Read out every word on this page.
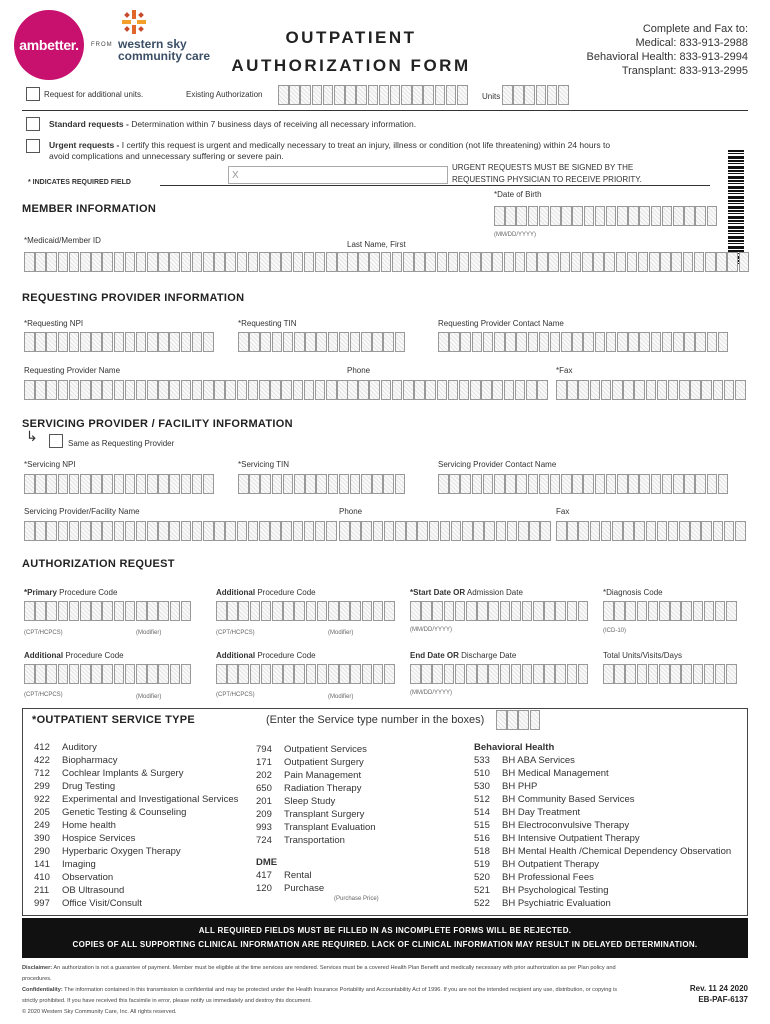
ambetter. FROM western sky
community care
OUTPATIENT
AUTHORIZATION FORM
Complete and Fax to:
Medical: 833-913-2988
Behavioral Health: 833-913-2994
Transplant: 833-913-2995
Request for additional units.	Existing Authorization	Units
Standard requests - Determination within 7 business days of receiving all necessary information.
Urgent requests - I certify this request is urgent and medically necessary to treat an injury, illness or condition (not life threatening) within 24 hours to
avoid complications and unnecessary suffering or severe pain.
X
URGENT REQUESTS MUST BE SIGNED BY THE
REQUESTING PHYSICIAN TO RECEIVE PRIORITY.
* INDICATES REQUIRED FIELD
MEMBER INFORMATION
*Date of Birth
(MM/DD/YYYY)
*Medicaid/Member ID	Last Name, First
REQUESTING PROVIDER INFORMATION
*Requesting NPI	*Requesting TIN	Requesting Provider Contact Name
Requesting Provider Name	Phone	*Fax
SERVICING PROVIDER / FACILITY INFORMATION
↳	Same as Requesting Provider
*Servicing NPI	*Servicing TIN	Servicing Provider Contact Name
Servicing Provider/Facility Name	Phone	Fax
AUTHORIZATION REQUEST
*Primary Procedure Code	Additional Procedure Code	*Start Date OR Admission Date	*Diagnosis Code
(CPT/HCPCS)	(Modifier)	(CPT/HCPCS)	(Modifier)	(MM/DD/YYYY)	(ICD-10)
Additional Procedure Code	Additional Procedure Code	End Date OR Discharge Date	Total Units/Visits/Days
(CPT/HCPCS)	(Modifier)	(CPT/HCPCS)	(Modifier)
(MM/DD/YYYY)
*OUTPATIENT SERVICE TYPE	(Enter the Service type number in the boxes)
412 Auditory
422 Biopharmacy
712 Cochlear Implants & Surgery
299 Drug Testing
922 Experimental and Investigational Services
205 Genetic Testing & Counseling
249 Home health
390 Hospice Services
290 Hyperbaric Oxygen Therapy
141 Imaging
410 Observation
211 OB Ultrasound
997 Office Visit/Consult
794 Outpatient Services
171 Outpatient Surgery
202 Pain Management
650 Radiation Therapy
201 Sleep Study
209 Transplant Surgery
993 Transplant Evaluation
724 Transportation
DME
417 Rental
120 Purchase
(Purchase Price)
Behavioral Health
533 BH ABA Services
510 BH Medical Management
530 BH PHP
512 BH Community Based Services
514 BH Day Treatment
515 BH Electroconvulsive Therapy
516 BH Intensive Outpatient Therapy
518 BH Mental Health /Chemical Dependency Observation
519 BH Outpatient Therapy
520 BH Professional Fees
521 BH Psychological Testing
522 BH Psychiatric Evaluation
ALL REQUIRED FIELDS MUST BE FILLED IN AS INCOMPLETE FORMS WILL BE REJECTED.
COPIES OF ALL SUPPORTING CLINICAL INFORMATION ARE REQUIRED. LACK OF CLINICAL INFORMATION MAY RESULT IN DELAYED DETERMINATION.
Disclaimer: An authorization is not a guarantee of payment. Member must be eligible at the time services are rendered. Services must be a covered Health Plan Benefit and medically necessary with prior authorization as per Plan policy and procedures.
Confidentiality: The information contained in this transmission is confidential and may be protected under the Health Insurance Portability and Accountability Act of 1996. If you are not the intended recipient any use, distribution, or copying is strictly prohibited. If you have received this facsimile in error, please notify us immediately and destroy this document.
© 2020 Western Sky Community Care, Inc. All rights reserved.
Rev. 11 24 2020
EB-PAF-6137
